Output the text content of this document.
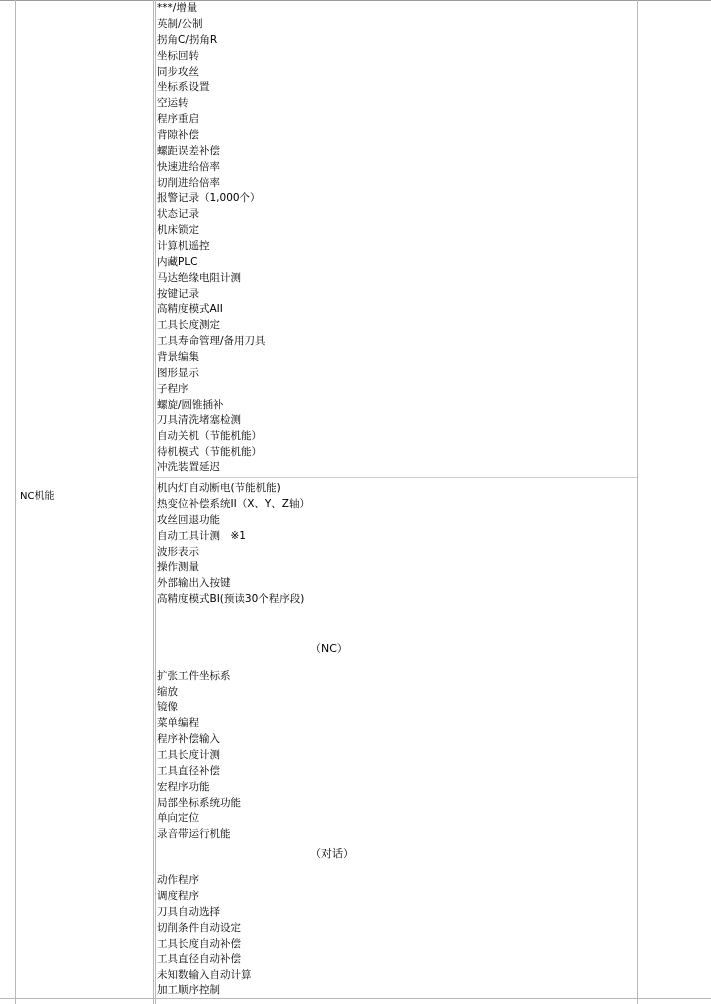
NC机能
***/增量
英制/公制
拐角C/拐角R
坐标回转
同步攻丝
坐标系设置
空运转
程序重启
背隙补偿
螺距误差补偿
快速进给倍率
切削进给倍率
报警记录（1,000个）
状态记录
机床锁定
计算机遥控
内藏PLC
马达绝缘电阻计测
按键记录
高精度模式AII
工具长度测定
工具寿命管理/备用刀具
背景编集
图形显示
子程序
螺旋/圆锥插补
刀具清洗堵塞检测
自动关机（节能机能）
待机模式（节能机能）
冲洗装置延迟
机内灯自动断电(节能机能)
热变位补偿系统II（X、Y、Z轴）
攻丝回退功能
自动工具计测　※1
波形表示
操作测量
外部输出入按键
高精度模式BI(预读30个程序段)
（NC）
扩张工件坐标系
缩放
镜像
菜单编程
程序补偿输入
工具长度计测
工具直径补偿
宏程序功能
局部坐标系统功能
单向定位
录音带运行机能
（对话）
动作程序
调度程序
刀具自动选择
切削条件自动设定
工具长度自动补偿
工具直径自动补偿
未知数输入自动计算
加工顺序控制
